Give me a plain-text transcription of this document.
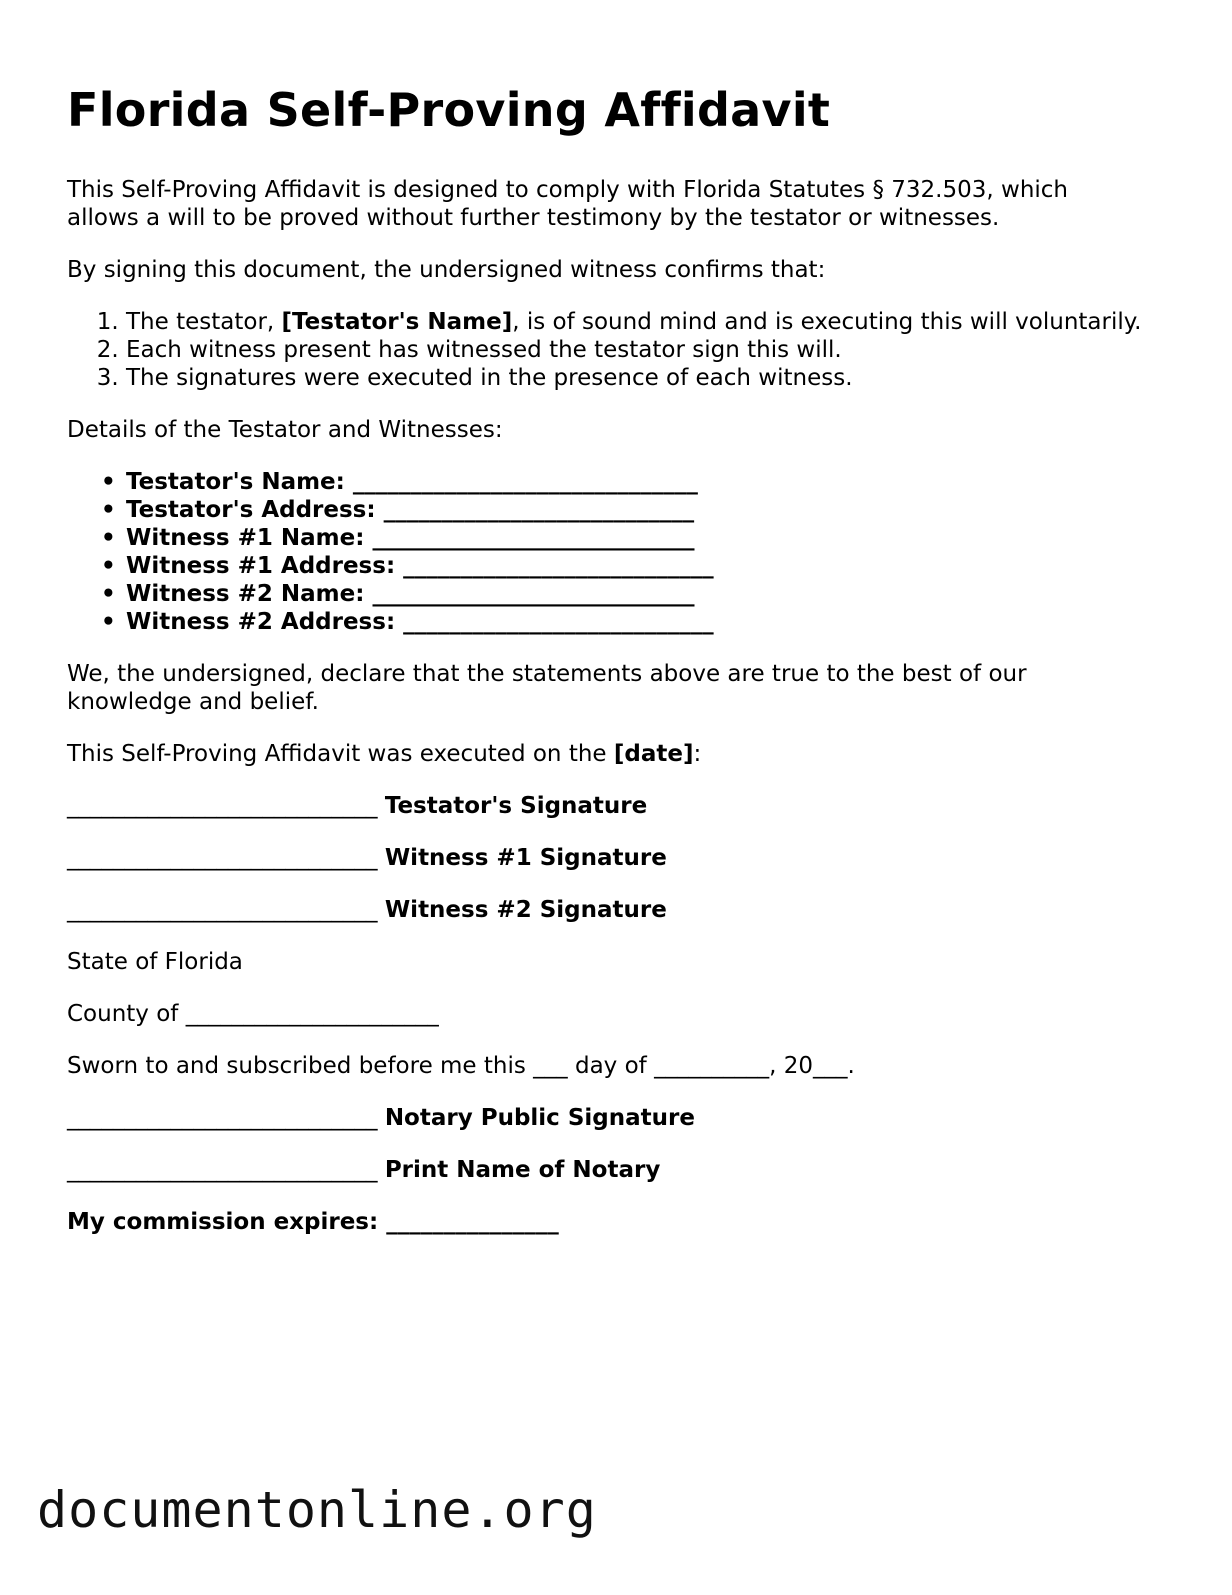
Florida Self-Proving Affidavit

This Self-Proving Affidavit is designed to comply with Florida Statutes § 732.503, which allows a will to be proved without further testimony by the testator or witnesses.

By signing this document, the undersigned witness confirms that:

1. The testator, [Testator's Name], is of sound mind and is executing this will voluntarily.
2. Each witness present has witnessed the testator sign this will.
3. The signatures were executed in the presence of each witness.

Details of the Testator and Witnesses:

• Testator's Name: ______________________________
• Testator's Address: ___________________________
• Witness #1 Name: ____________________________
• Witness #1 Address: ___________________________
• Witness #2 Name: ____________________________
• Witness #2 Address: ___________________________

We, the undersigned, declare that the statements above are true to the best of our knowledge and belief.

This Self-Proving Affidavit was executed on the [date]:

___________________________ Testator's Signature

___________________________ Witness #1 Signature

___________________________ Witness #2 Signature

State of Florida

County of ______________________

Sworn to and subscribed before me this ___ day of __________, 20___.

___________________________ Notary Public Signature

___________________________ Print Name of Notary

My commission expires: _______________

documentonline.org
